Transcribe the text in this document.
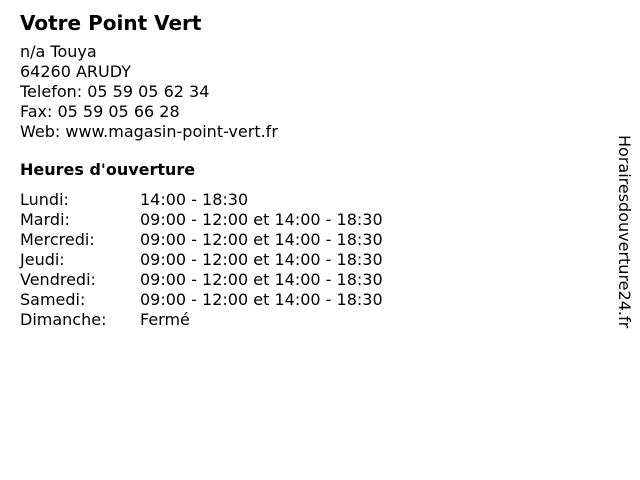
Votre Point Vert
n/a Touya
64260 ARUDY
Telefon: 05 59 05 62 34
Fax: 05 59 05 66 28
Web: www.magasin-point-vert.fr
Heures d'ouverture
Lundi:	14:00 - 18:30
Mardi:	09:00 - 12:00 et 14:00 - 18:30
Mercredi:	09:00 - 12:00 et 14:00 - 18:30
Jeudi:	09:00 - 12:00 et 14:00 - 18:30
Vendredi:	09:00 - 12:00 et 14:00 - 18:30
Samedi:	09:00 - 12:00 et 14:00 - 18:30
Dimanche:	Fermé	Horairesdouverture24.fr
